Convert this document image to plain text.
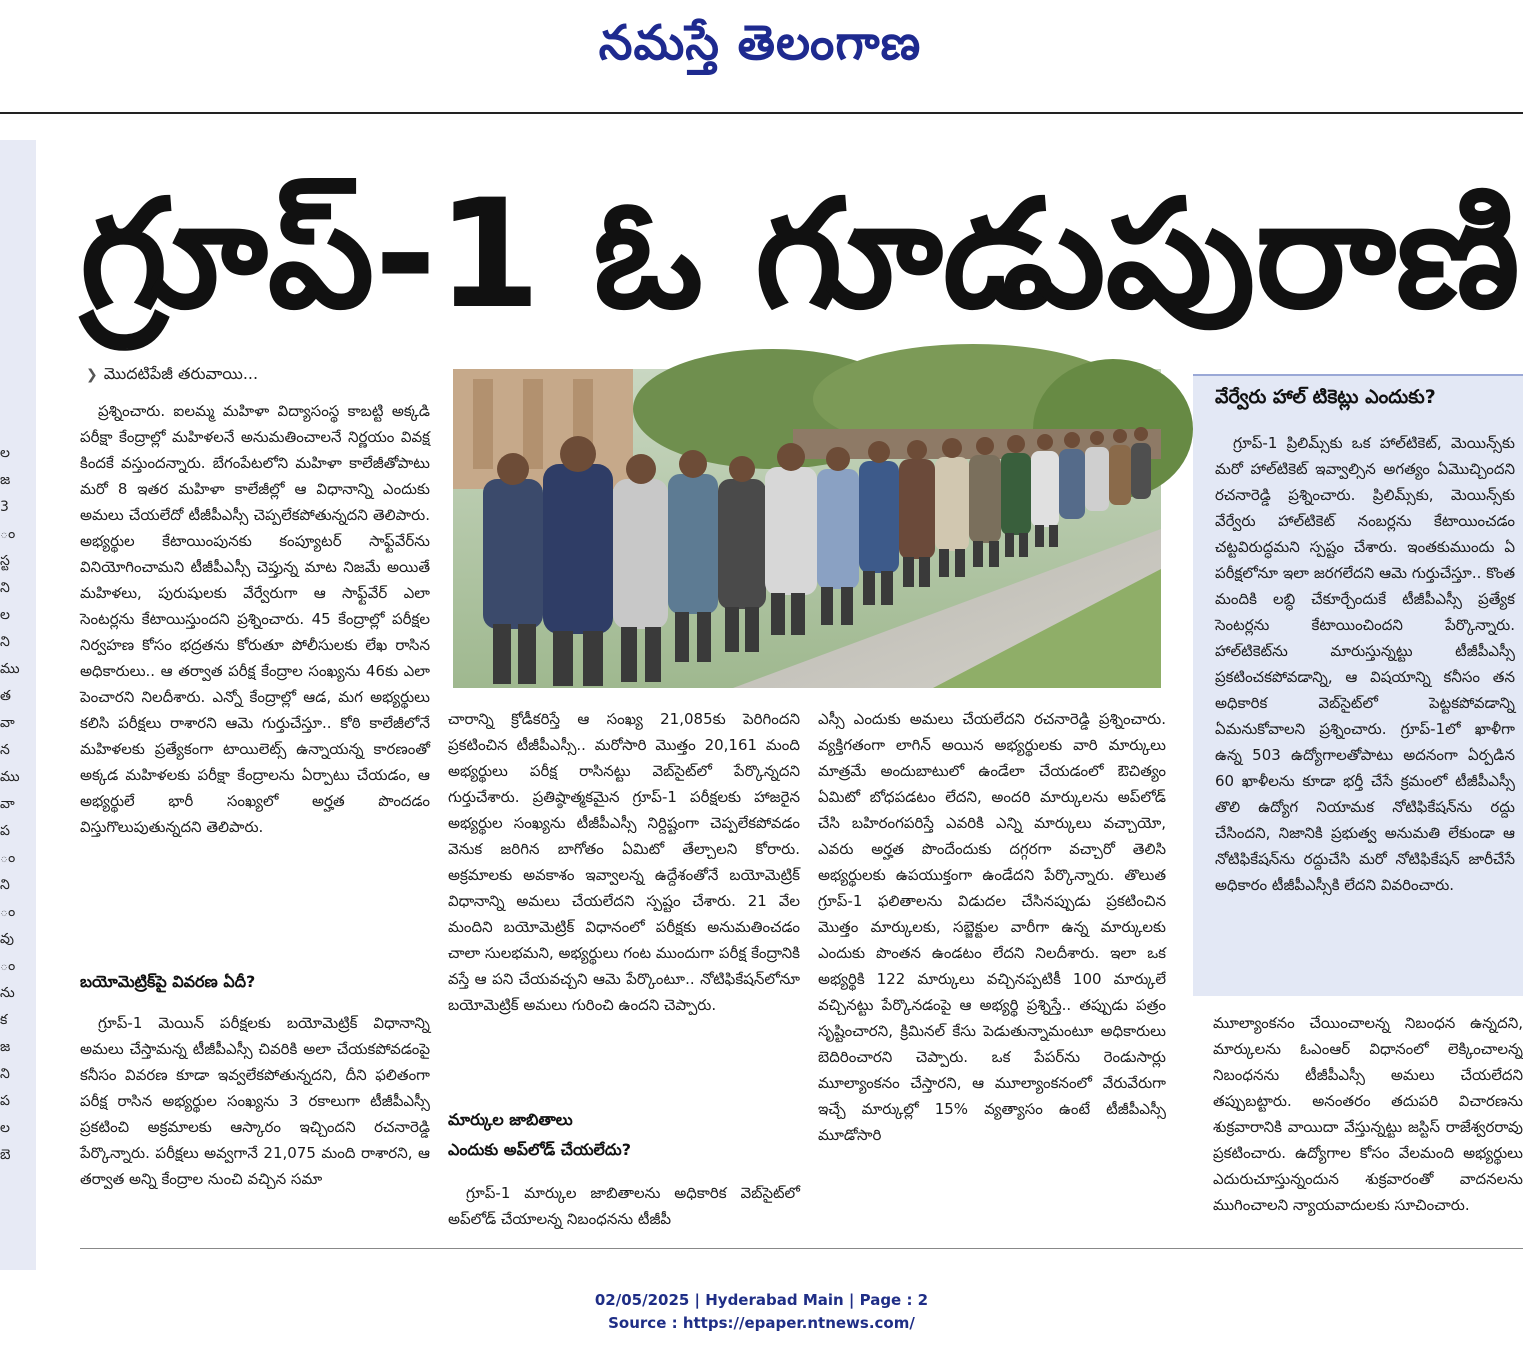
నమస్తే తెలంగాణ
ల
జ
3
ం
స్ట
ని
ల
ని
ము
త
వా
న
ము
వా
ప
ం
ని
ం
వు
ం
ను
క
జ
ని
ప
ల
బె
గ్రూప్-1 ఓ గూడుపురాణి
❯ మొదటిపేజీ తరువాయి...

ప్రశ్నించారు. ఐలమ్మ మహిళా విద్యాసంస్థ కాబట్టి అక్కడి పరీక్షా కేంద్రాల్లో మహిళలనే అనుమతించాలనే నిర్ణయం వివక్ష కిందకే వస్తుందన్నారు. బేగంపేటలోని మహిళా కాలేజీతోపాటు మరో 8 ఇతర మహిళా కాలేజీల్లో ఆ విధానాన్ని ఎందుకు అమలు చేయలేదో టీజీపీఎస్సీ చెప్పలేకపోతున్నదని తెలిపారు. అభ్యర్థుల కేటాయింపునకు కంప్యూటర్ సాఫ్ట్‌వేర్‌ను వినియోగించామని టీజీపీఎస్సీ చెప్తున్న మాట నిజమే అయితే మహిళలు, పురుషులకు వేర్వేరుగా ఆ సాఫ్ట్‌వేర్ ఎలా సెంటర్లను కేటాయిస్తుందని ప్రశ్నించారు. 45 కేంద్రాల్లో పరీక్షల నిర్వహణ కోసం భద్రతను కోరుతూ పోలీసులకు లేఖ రాసిన అధికారులు.. ఆ తర్వాత పరీక్ష కేంద్రాల సంఖ్యను 46కు ఎలా పెంచారని నిలదీశారు. ఎన్నో కేంద్రాల్లో ఆడ, మగ అభ్యర్థులు కలిసి పరీక్షలు రాశారని ఆమె గుర్తుచేస్తూ.. కోఠి కాలేజీలోనే మహిళలకు ప్రత్యేకంగా టాయిలెట్స్ ఉన్నాయన్న కారణంతో అక్కడ మహిళలకు పరీక్షా కేంద్రాలను ఏర్పాటు చేయడం, ఆ అభ్యర్థులే భారీ సంఖ్యలో అర్హత పొందడం విస్తుగొలుపుతున్నదని తెలిపారు.

బయోమెట్రిక్‌పై వివరణ ఏదీ?

గ్రూప్-1 మెయిన్ పరీక్షలకు బయోమెట్రిక్ విధానాన్ని అమలు చేస్తామన్న టీజీపీఎస్సీ చివరికి అలా చేయకపోవడంపై కనీసం వివరణ కూడా ఇవ్వలేకపోతున్నదని, దీని ఫలితంగా పరీక్ష రాసిన అభ్యర్థుల సంఖ్యను 3 రకాలుగా టీజీపీఎస్సీ ప్రకటించి అక్రమాలకు ఆస్కారం ఇచ్చిందని రచనారెడ్డి పేర్కొన్నారు. పరీక్షలు అవ్వగానే 21,075 మంది రాశారని, ఆ తర్వాత అన్ని కేంద్రాల నుంచి వచ్చిన సమా

చారాన్ని క్రోడీకరిస్తే ఆ సంఖ్య 21,085కు పెరిగిందని ప్రకటించిన టీజీపీఎస్సీ.. మరోసారి మొత్తం 20,161 మంది అభ్యర్థులు పరీక్ష రాసినట్టు వెబ్‌సైట్‌లో పేర్కొన్నదని గుర్తుచేశారు. ప్రతిష్ఠాత్మకమైన గ్రూప్-1 పరీక్షలకు హాజరైన అభ్యర్థుల సంఖ్యను టీజీపీఎస్సీ నిర్దిష్టంగా చెప్పలేకపోవడం వెనుక జరిగిన బాగోతం ఏమిటో తేల్చాలని కోరారు. అక్రమాలకు అవకాశం ఇవ్వాలన్న ఉద్దేశంతోనే బయోమెట్రిక్ విధానాన్ని అమలు చేయలేదని స్పష్టం చేశారు. 21 వేల మందిని బయోమెట్రిక్ విధానంలో పరీక్షకు అనుమతించడం చాలా సులభమని, అభ్యర్థులు గంట ముందుగా పరీక్ష కేంద్రానికి వస్తే ఆ పని చేయవచ్చని ఆమె పేర్కొంటూ.. నోటిఫికేషన్‌లోనూ బయోమెట్రిక్ అమలు గురించి ఉందని చెప్పారు.

మార్కుల జాబితాలు
ఎందుకు అప్‌లోడ్ చేయలేదు?

గ్రూప్-1 మార్కుల జాబితాలను అధికారిక వెబ్‌సైట్‌లో అప్‌లోడ్ చేయాలన్న నిబంధనను టీజీపీ

ఎస్సీ ఎందుకు అమలు చేయలేదని రచనారెడ్డి ప్రశ్నించారు. వ్యక్తిగతంగా లాగిన్ అయిన అభ్యర్థులకు వారి మార్కులు మాత్రమే అందుబాటులో ఉండేలా చేయడంలో ఔచిత్యం ఏమిటో బోధపడటం లేదని, అందరి మార్కులను అప్‌లోడ్ చేసి బహిరంగపరిస్తే ఎవరికి ఎన్ని మార్కులు వచ్చాయో, ఎవరు అర్హత పొందేందుకు దగ్గరగా వచ్చారో తెలిసి అభ్యర్థులకు ఉపయుక్తంగా ఉండేదని పేర్కొన్నారు. తొలుత గ్రూప్-1 ఫలితాలను విడుదల చేసినప్పుడు ప్రకటించిన మొత్తం మార్కులకు, సబ్జెక్టుల వారీగా ఉన్న మార్కులకు ఎందుకు పొంతన ఉండటం లేదని నిలదీశారు. ఇలా ఒక అభ్యర్థికి 122 మార్కులు వచ్చినప్పటికీ 100 మార్కులే వచ్చినట్టు పేర్కొనడంపై ఆ అభ్యర్థి ప్రశ్నిస్తే.. తప్పుడు పత్రం సృష్టించారని, క్రిమినల్ కేసు పెడుతున్నామంటూ అధికారులు బెదిరించారని చెప్పారు. ఒక పేపర్‌ను రెండుసార్లు మూల్యాంకనం చేస్తారని, ఆ మూల్యాంకనంలో వేరువేరుగా ఇచ్చే మార్కుల్లో 15% వ్యత్యాసం ఉంటే టీజీపీఎస్సీ మూడోసారి

వేర్వేరు హాల్ టికెట్లు ఎందుకు?

గ్రూప్-1 ప్రిలిమ్స్‌కు ఒక హాల్‌టికెట్, మెయిన్స్‌కు మరో హాల్‌టికెట్ ఇవ్వాల్సిన అగత్యం ఏమొచ్చిందని రచనారెడ్డి ప్రశ్నించారు. ప్రిలిమ్స్‌కు, మెయిన్స్‌కు వేర్వేరు హాల్‌టికెట్ నంబర్లను కేటాయించడం చట్టవిరుద్ధమని స్పష్టం చేశారు. ఇంతకుముందు ఏ పరీక్షలోనూ ఇలా జరగలేదని ఆమె గుర్తుచేస్తూ.. కొంత మందికి లబ్ధి చేకూర్చేందుకే టీజీపీఎస్సీ ప్రత్యేక సెంటర్లను కేటాయించిందని పేర్కొన్నారు. హాల్‌టికెట్‌ను మారుస్తున్నట్టు టీజీపీఎస్సీ ప్రకటించకపోవడాన్ని, ఆ విషయాన్ని కనీసం తన అధికారిక వెబ్‌సైట్‌లో పెట్టకపోవడాన్ని ఏమనుకోవాలని ప్రశ్నించారు. గ్రూప్-1లో ఖాళీగా ఉన్న 503 ఉద్యోగాలతోపాటు అదనంగా ఏర్పడిన 60 ఖాళీలను కూడా భర్తీ చేసే క్రమంలో టీజీపీఎస్సీ తొలి ఉద్యోగ నియామక నోటిఫికేషన్‌ను రద్దు చేసిందని, నిజానికి ప్రభుత్వ అనుమతి లేకుండా ఆ నోటిఫికేషన్‌ను రద్దుచేసి మరో నోటిఫికేషన్ జారీచేసే అధికారం టీజీపీఎస్సీకి లేదని వివరించారు.

మూల్యాంకనం చేయించాలన్న నిబంధన ఉన్నదని, మార్కులను ఓఎంఆర్ విధానంలో లెక్కించాలన్న నిబంధనను టీజీపీఎస్సీ అమలు చేయలేదని తప్పుబట్టారు. అనంతరం తదుపరి విచారణను శుక్రవారానికి వాయిదా వేస్తున్నట్టు జస్టిస్ రాజేశ్వరరావు ప్రకటించారు. ఉద్యోగాల కోసం వేలమంది అభ్యర్థులు ఎదురుచూస్తున్నందున శుక్రవారంతో వాదనలను ముగించాలని న్యాయవాదులకు సూచించారు.

02/05/2025 | Hyderabad Main | Page : 2
Source : https://epaper.ntnews.com/
